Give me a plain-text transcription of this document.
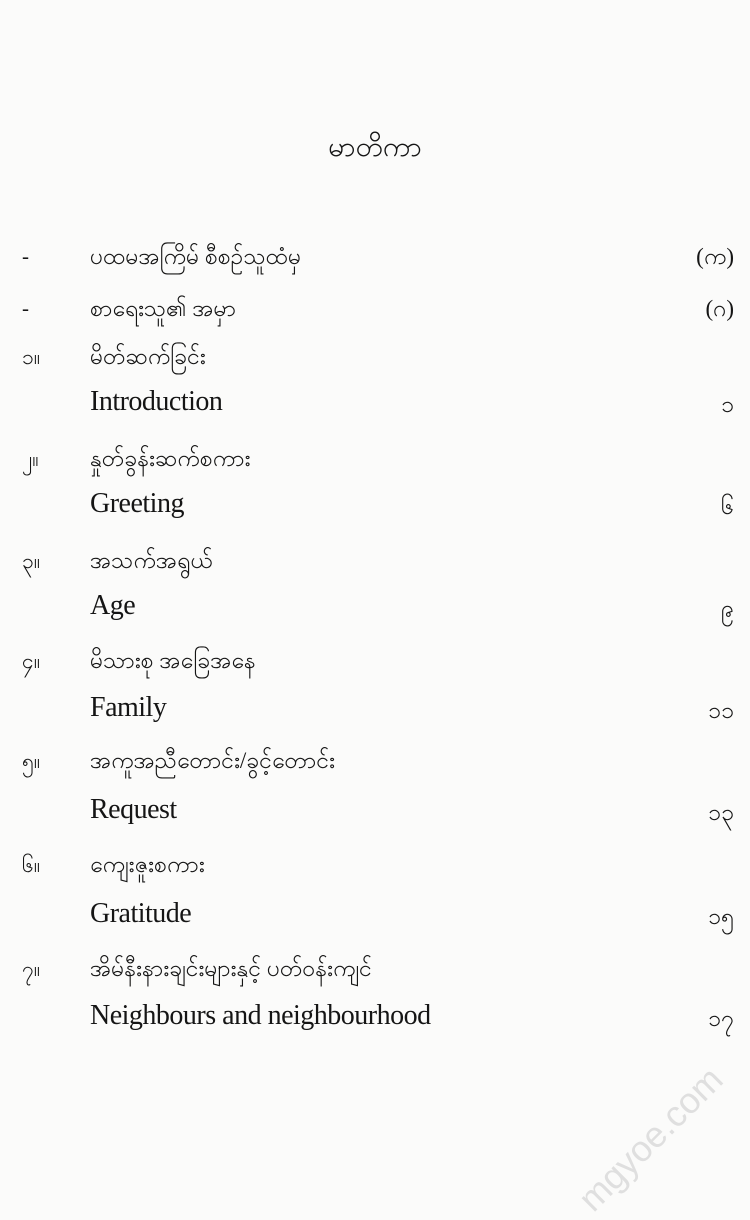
မာတိကာ
-	ပထမအကြိမ် စီစဉ်သူထံမှ	(က)
-	စာရေးသူ၏ အမှာ	(ဂ)
၁။ မိတ်ဆက်ခြင်း
Introduction	၁
၂။ နှုတ်ခွန်းဆက်စကား
Greeting	၆
၃။ အသက်အရွယ်
Age	၉
၄။ မိသားစု အခြေအနေ
Family	၁၁
၅။ အကူအညီတောင်း/ခွင့်တောင်း
Request	၁၃
၆။ ကျေးဇူးစကား
Gratitude	၁၅
၇။ အိမ်နီးနားချင်းများနှင့် ပတ်ဝန်းကျင်
Neighbours and neighbourhood	၁၇
mgyoe.com
